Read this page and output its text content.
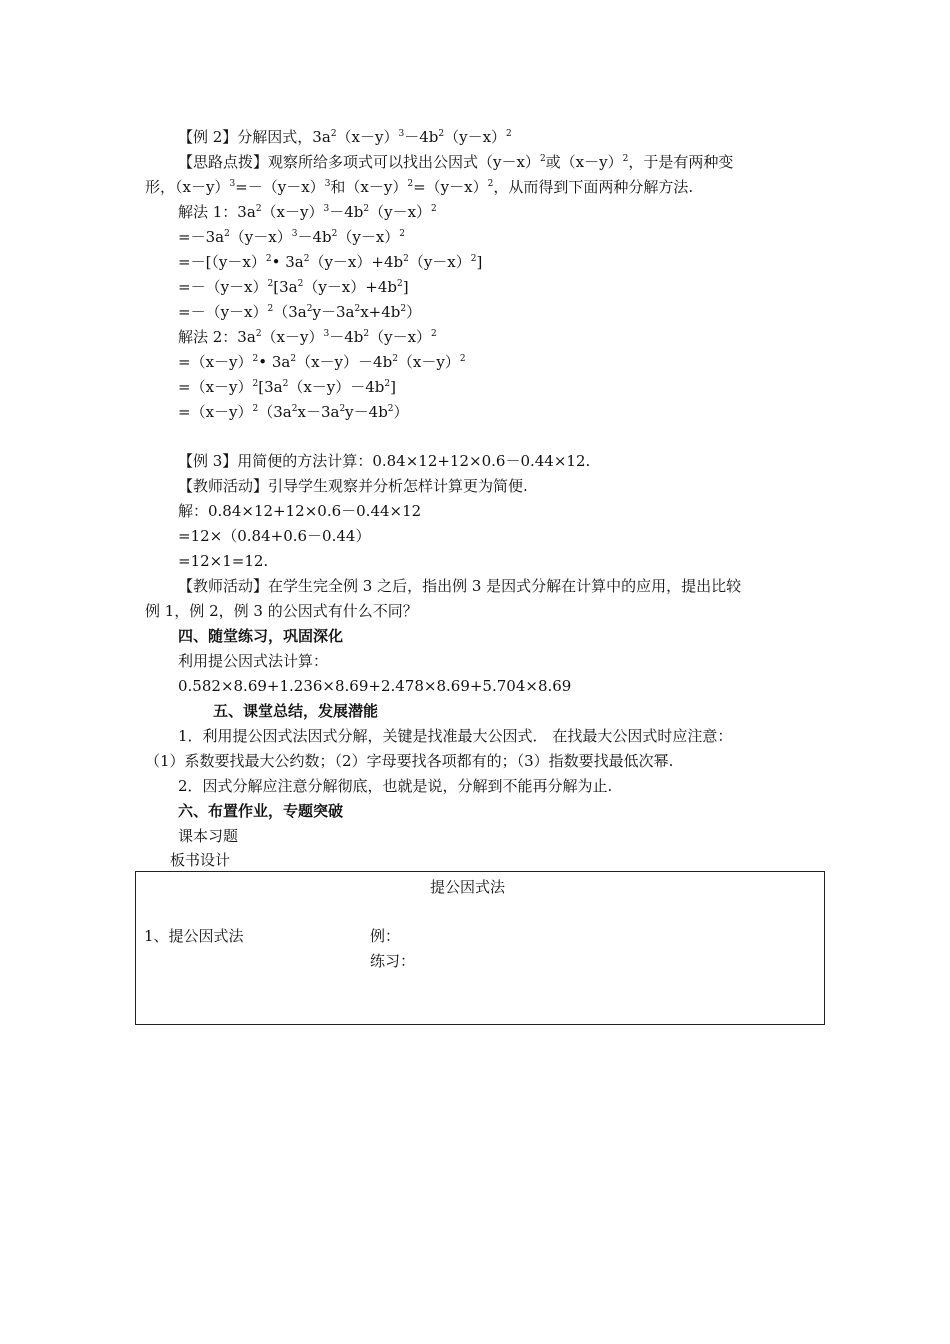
【例 2】分解因式，$3a^2(x-y)^3-4b^2(y-x)^2$
【思路点拨】观察所给多项式可以找出公因式$(y-x)^2$或$(x-y)^2$，于是有两种变
形，$(x-y)^3=-(y-x)^3$和$(x-y)^2=(y-x)^2$，从而得到下面两种分解方法.
解法 1：$3a^2(x-y)^3-4b^2(y-x)^2$
$=-3a^2(y-x)^3-4b^2(y-x)^2$
$=-[(y-x)^2•$ $3a^2(y-x)+4b^2(y-x)^2$]
$=-(y-x)^2[3a^2(y-x)+4b^2]$
$=-(y-x)^2(3a^2y-3a^2x+4b^2)$
解法 2：$3a^2(x-y)^3-4b^2(y-x)^2$
$=(x-y)^2•$ $3a^2(x-y)-4b^2(x-y)^2$
$=(x-y)^2[3a^2(x-y)-4b^2]$
$=(x-y)^2(3a^2x-3a^2y-4b^2)$
【例 3】用简便的方法计算：0.84×12+12×0.6－0.44×12.
【教师活动】引导学生观察并分析怎样计算更为简便.
解：0.84×12+12×0.6－0.44×12
=12×（0.84+0.6－0.44）
=12×1=12.
【教师活动】在学生完全例 3 之后，指出例 3 是因式分解在计算中的应用，提出比较
例 1，例 2，例 3 的公因式有什么不同？
四、随堂练习，巩固深化
利用提公因式法计算：
0.582×8.69+1.236×8.69+2.478×8.69+5.704×8.69
五、课堂总结，发展潜能
1．利用提公因式法因式分解，关键是找准最大公因式． 在找最大公因式时应注意：
（1）系数要找最大公约数；（2）字母要找各项都有的；（3）指数要找最低次幂.
2．因式分解应注意分解彻底，也就是说，分解到不能再分解为止.
六、布置作业，专题突破
课本习题
板书设计
提公因式法
1、提公因式法	例：
练习：
